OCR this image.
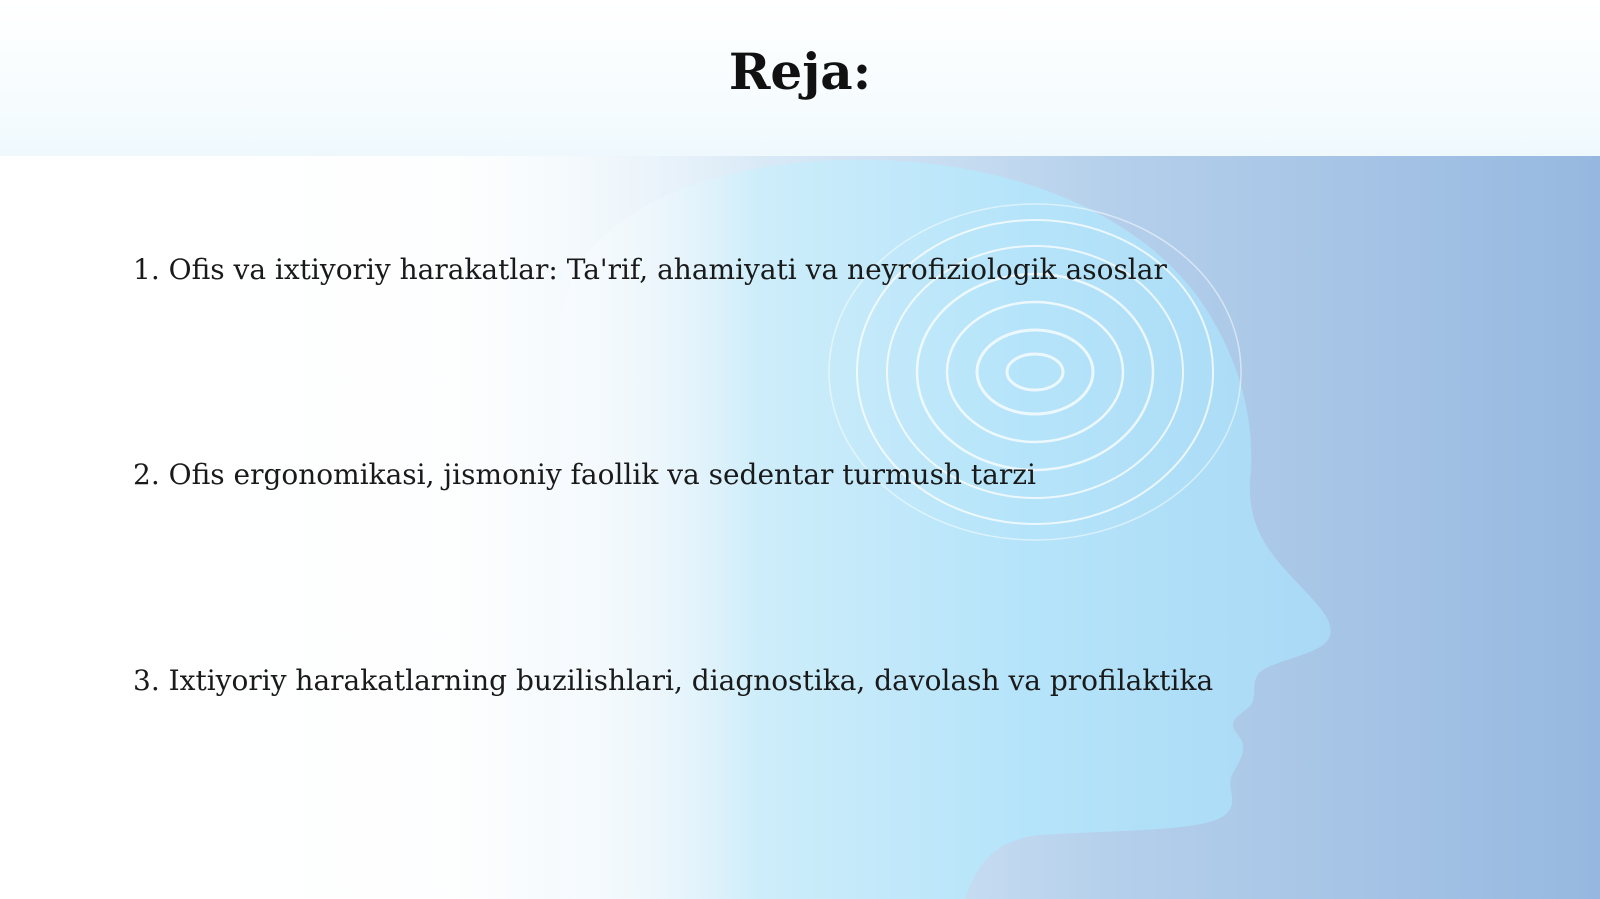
Reja:
1. Ofis va ixtiyoriy harakatlar: Ta'rif, ahamiyati va neyrofiziologik asoslar
2. Ofis ergonomikasi, jismoniy faollik va sedentar turmush tarzi
3. Ixtiyoriy harakatlarning buzilishlari, diagnostika, davolash va profilaktika
